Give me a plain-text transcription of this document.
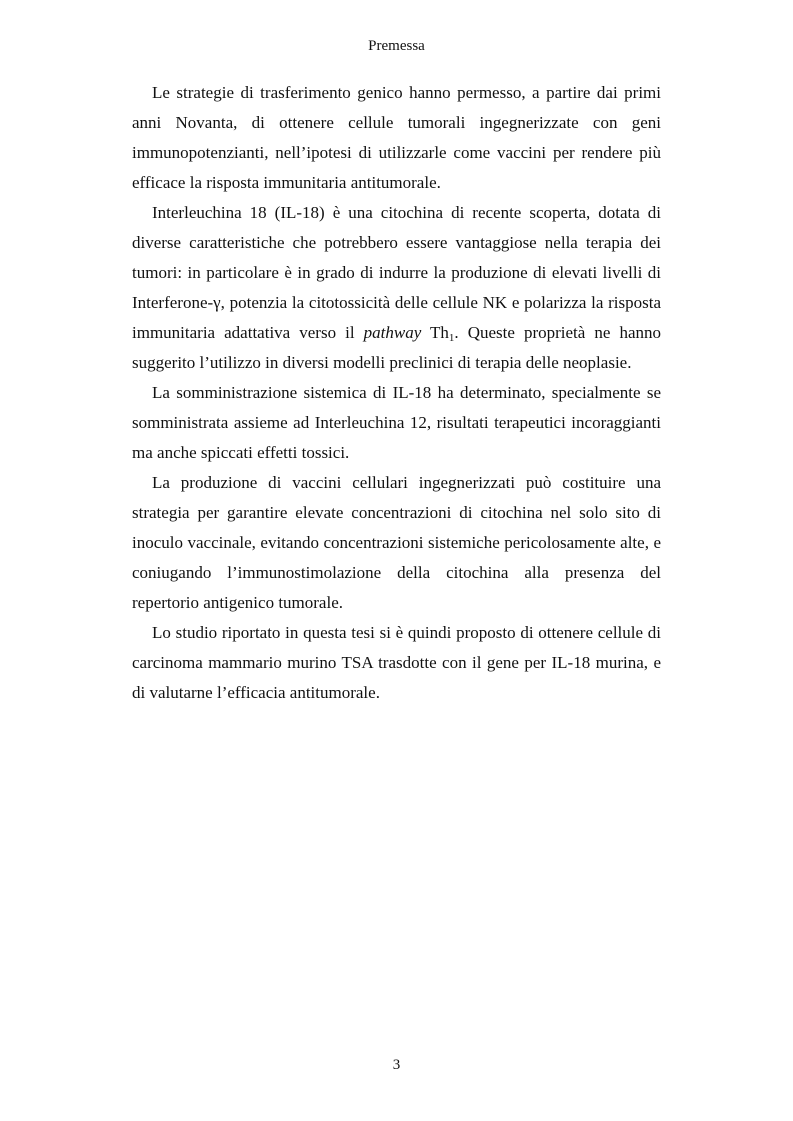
Premessa

Le strategie di trasferimento genico hanno permesso, a partire dai primi anni Novanta, di ottenere cellule tumorali ingegnerizzate con geni immunopotenzianti, nell’ipotesi di utilizzarle come vaccini per rendere più efficace la risposta immunitaria antitumorale.

Interleuchina 18 (IL-18) è una citochina di recente scoperta, dotata di diverse caratteristiche che potrebbero essere vantaggiose nella terapia dei tumori: in particolare è in grado di indurre la produzione di elevati livelli di Interferone-γ, potenzia la citotossicità delle cellule NK e polarizza la risposta immunitaria adattativa verso il pathway $Th_1$. Queste proprietà ne hanno suggerito l’utilizzo in diversi modelli preclinici di terapia delle neoplasie.

La somministrazione sistemica di IL-18 ha determinato, specialmente se somministrata assieme ad Interleuchina 12, risultati terapeutici incoraggianti ma anche spiccati effetti tossici.

La produzione di vaccini cellulari ingegnerizzati può costituire una strategia per garantire elevate concentrazioni di citochina nel solo sito di inoculo vaccinale, evitando concentrazioni sistemiche pericolosamente alte, e coniugando l’immunostimolazione della citochina alla presenza del repertorio antigenico tumorale.

Lo studio riportato in questa tesi si è quindi proposto di ottenere cellule di carcinoma mammario murino TSA trasdotte con il gene per IL-18 murina, e di valutarne l’efficacia antitumorale.

3
